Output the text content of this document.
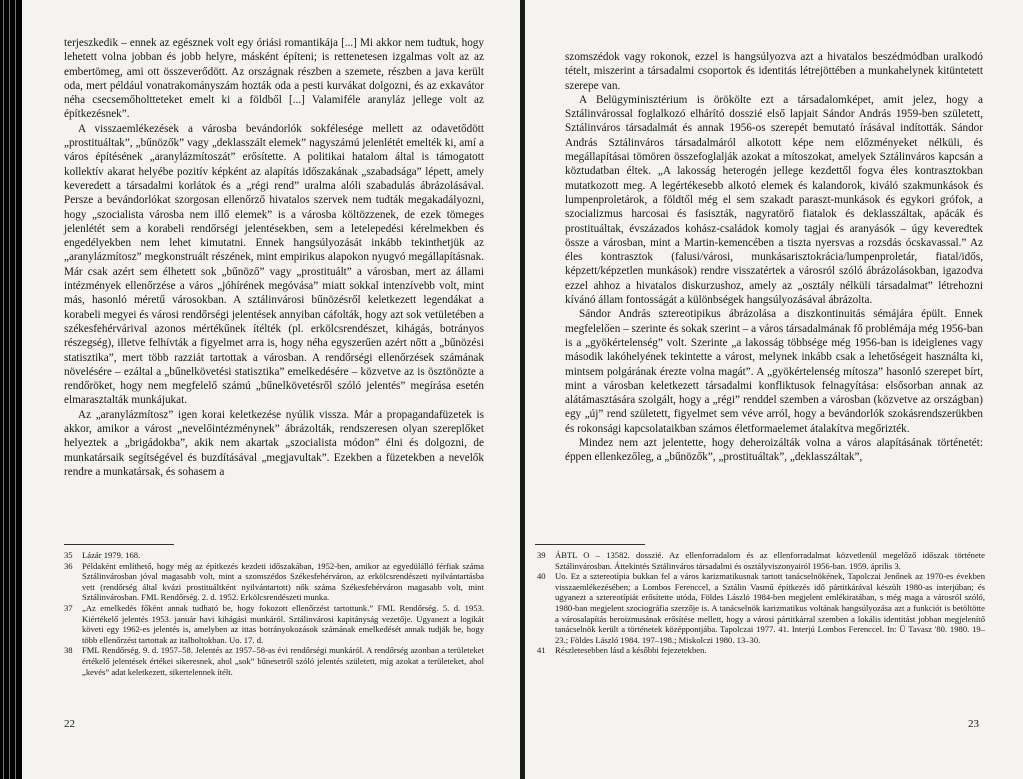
terjeszkedik – ennek az egésznek volt egy óriási romantikája [...] Mi akkor nem tudtuk, hogy lehetett volna jobban és jobb helyre, másként építeni; is rettenetesen izgalmas volt az az embertömeg, ami ott összeverődött. Az országnak részben a szemete, részben a java került oda, mert például vonatrakományszám hozták oda a pesti kurvákat dolgozni, és az exkavátor néha csecsemőholtteteket emelt ki a földből [...] Valamiféle aranyláz jellege volt az építkezésnek”.

A visszaemlékezések a városba bevándorlók sokfélesége mellett az odavetődött „prostituáltak”, „bűnözők” vagy „deklasszált elemek” nagyszámú jelenlétét emelték ki, amí a város építésének „aranylázmítoszát” erősítette. A politikai hatalom által is támogatott kollektív akarat helyébe pozitív képként az alapítás időszakának „szabadsága” lépett, amely keveredett a társadalmi korlátok és a „régi rend” uralma alóli szabadulás ábrázolásával. Persze a bevándorlókat szorgosan ellenőrző hivatalos szervek nem tudták megakadályozni, hogy „szocialista városba nem illő elemek” is a városba költözzenek, de ezek tömeges jelenlétét sem a korabeli rendőrségi jelentésekben, sem a letelepedési kérelmekben és engedélyekben nem lehet kimutatni. Ennek hangsúlyozását inkább tekinthetjük az „aranylázmítosz” megkonstruált részének, mint empirikus alapokon nyugvó megállapításnak. Már csak azért sem élhetett sok „bűnöző” vagy „prostituált” a városban, mert az állami intézmények ellenőrzése a város „jóhírének megóvása” miatt sokkal intenzívebb volt, mint más, hasonló méretű városokban. A sztálinvárosi bűnözésről keletkezett legendákat a korabeli megyei és városi rendőrségi jelentések annyiban cáfolták, hogy azt sok vetületében a székesfehérvárival azonos mértékűnek ítélték (pl. erkölcsrendészet, kihágás, botrányos részegség), illetve felhívták a figyelmet arra is, hogy néha egyszerűen azért nőtt a „bűnözési statisztika”, mert több razziát tartottak a városban. A rendőrségi ellenőrzések számának növelésére – ezáltal a „bűnelkövetési statisztika” emelkedésére – közvetve az is ösztönözte a rendőröket, hogy nem megfelelő számú „bűnelkövetésről szóló jelentés” megírása esetén elmarasztalták munkájukat.

Az „aranylázmítosz” igen korai keletkezése nyúlik vissza. Már a propagandafüzetek is akkor, amikor a várost „nevelőintézménynek” ábrázolták, rendszeresen olyan szereplőket helyeztek a „brigádokba”, akik nem akartak „szocialista módon” élni és dolgozni, de munkatársaik segítségével és buzdításával „megjavultak”. Ezekben a füzetekben a nevelők rendre a munkatársak, és sohasem a

35	Lázár 1979. 168.
36	Példaként említhető, hogy még az építkezés kezdeti időszakában, 1952-ben, amikor az egyedülálló férfiak száma Sztálinvárosban jóval magasabb volt, mint a szomszédos Székesfehérváron, az erkölcsrendészeti nyilvántartásba vett (rendőrség által kvázi prostituáltként nyilvántartott) nők száma Székesfehérváron magasabb volt, mint Sztálinvárosban. FML Rendőrség. 2. d. 1952. Erkölcsrendészeti munka.
37	„Az emelkedés főként annak tudható be, hogy fokozott ellenőrzést tartottunk.” FML Rendőrség. 5. d. 1953. Kiértékelő jelentés 1953. január havi kihágási munkáról. Sztálinvárosi kapitányság vezetője. Ugyanezt a logikát követi egy 1962-es jelentés is, amelyben az ittas botrányokozások számának emelkedését annak tudják be, hogy több ellenőrzést tartottak az italboltokban. Uo. 17. d.
38	FML Rendőrség. 9. d. 1957–58. Jelentés az 1957–58-as évi rendőrségi munkáról. A rendőrség azonban a területeket értékelő jelentések értékei sikeresnek, ahol „sok” bűnesetről szóló jelentés született, míg azokat a területeket, ahol „kevés” adat keletkezett, sikertelennek ítélt.
22

szomszédok vagy rokonok, ezzel is hangsúlyozva azt a hivatalos beszédmódban uralkodó tételt, miszerint a társadalmi csoportok és identitás létrejöttében a munkahelynek kitüntetett szerepe van.

A Belügyminisztérium is örökölte ezt a társadalomképet, amit jelez, hogy a Sztálinvárossal foglalkozó elhárító dosszié első lapjait Sándor András 1959-ben született, Sztálinváros társadalmát és annak 1956-os szerepét bemutató írásával indították. Sándor András Sztálinváros társadalmáról alkotott képe nem előzményeket nélküli, és megállapításai tömören összefoglalják azokat a mítoszokat, amelyek Sztálinváros kapcsán a köztudatban éltek. „A lakosság heterogén jellege kezdettől fogva éles kontrasztokban mutatkozott meg. A legértékesebb alkotó elemek és kalandorok, kiváló szakmunkások és lumpenproletárok, a földtől még el sem szakadt paraszt-munkások és egykori grófok, a szocializmus harcosai és fasiszták, nagyratörő fiatalok és deklasszáltak, apácák és prostituáltak, évszázados kohász-családok komoly tagjai és aranyásók – úgy keveredtek össze a városban, mint a Martin-kemencében a tiszta nyersvas a rozsdás ócskavassal.” Az éles kontrasztok (falusi/városi, munkásarisztokrácia/lumpenproletár, fiatal/idős, képzett/képzetlen munkások) rendre visszatértek a városról szóló ábrázolásokban, igazodva ezzel ahhoz a hivatalos diskurzushoz, amely az „osztály nélküli társadalmat” létrehozni kívánó állam fontosságát a különbségek hangsúlyozásával ábrázolta.

Sándor András sztereotipikus ábrázolása a diszkontinuitás sémájára épült. Ennek megfelelően – szerinte és sokak szerint – a város társadalmának fő problémája még 1956-ban is a „gyökértelenség” volt. Szerinte „a lakosság többsége még 1956-ban is ideiglenes vagy második lakóhelyének tekintette a várost, melynek inkább csak a lehetőségeit használta ki, mintsem polgárának érezte volna magát”. A „gyökértelenség mítosza” hasonló szerepet bírt, mint a városban keletkezett társadalmi konfliktusok felnagyítása: elsősorban annak az alátámasztására szolgált, hogy a „régi” renddel szemben a városban (közvetve az országban) egy „új” rend született, figyelmet sem véve arról, hogy a bevándorlók szokásrendszerükben és rokonsági kapcsolataikban számos életformaelemet átalakítva megőrizték.

Mindez nem azt jelentette, hogy deheroizálták volna a város alapításának történetét: éppen ellenkezőleg, a „bűnözők”, „prostituáltak”, „deklasszáltak”,

39	ÁBTL O – 13582. dosszié. Az ellenforradalom és az ellenforradalmat közvetlenül megelőző időszak története Sztálinvárosban. Áttekintés Sztálinváros társadalmi és osztályviszonyairól 1956-ban. 1959. április 3.
40	Uo. Ez a sztereotípia bukkan fel a város karizmatikusnak tartott tanácselnökének, Tapolczai Jenőnek az 1970-es években visszaemlékezésében; a Lombos Ferenccel, a Sztálin Vasmű építkezés idő pártitkárával készült 1980-as interjúban; és ugyanezt a sztereotípiát erősítette utóda, Földes László 1984-ben megjelent emlékiratában, s még maga a városról szóló, 1980-ban megjelent szociográfia szerzője is. A tanácselnök karizmatikus voltának hangsúlyozása azt a funkciót is betöltötte a városalapítás heroizmusának erősítése mellett, hogy a városi pártitkárral szemben a lokális identitást jobban megjelenítő tanácselnök került a történetek középpontjába. Tapolczai 1977. 41. Interjú Lombos Ferenccel. In: Ü Tavasz '80. 1980. 19–23.; Földes László 1984. 197–198.; Miskolczi 1980. 13–30.
41	Részletesebben lásd a későbbi fejezetekben.
23
